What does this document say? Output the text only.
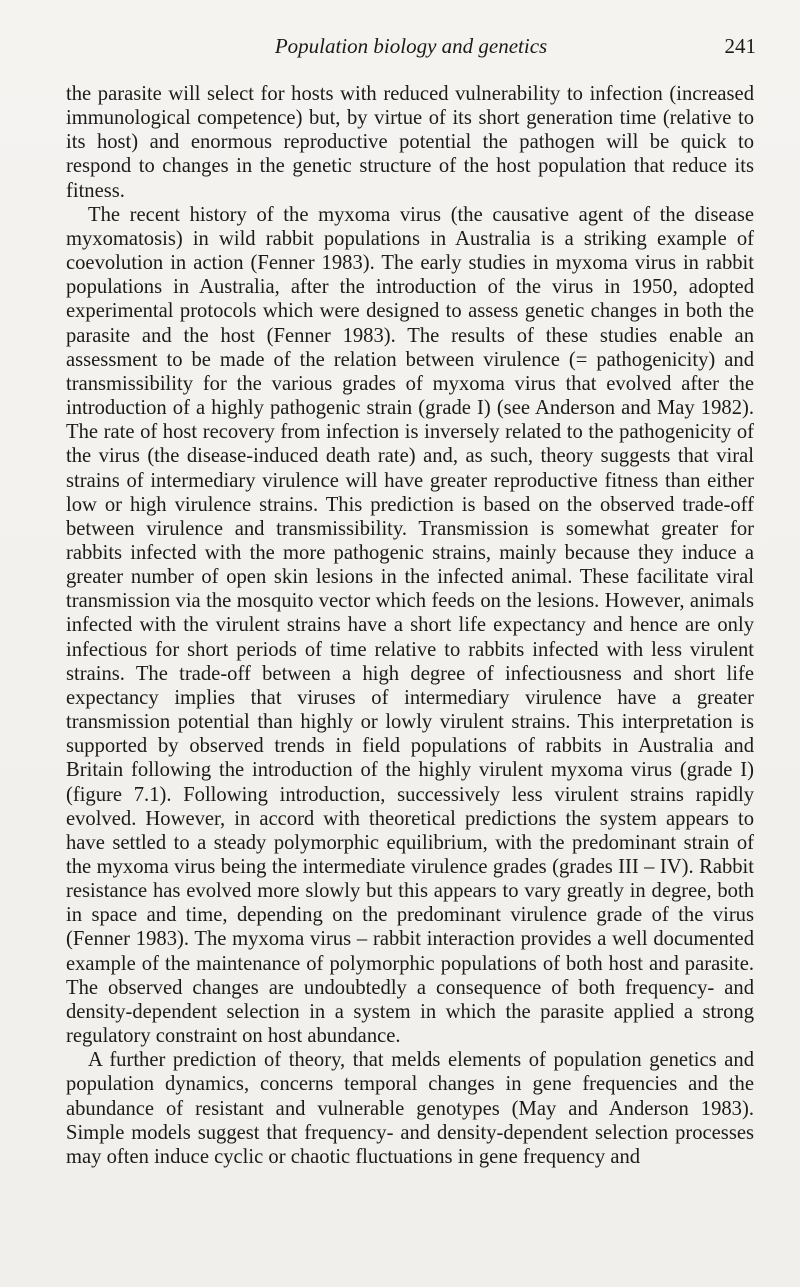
Population biology and genetics	241

the parasite will select for hosts with reduced vulnerability to infection (increased immunological competence) but, by virtue of its short generation time (relative to its host) and enormous reproductive potential the pathogen will be quick to respond to changes in the genetic structure of the host population that reduce its fitness.

The recent history of the myxoma virus (the causative agent of the disease myxomatosis) in wild rabbit populations in Australia is a striking example of coevolution in action (Fenner 1983). The early studies in myxoma virus in rabbit populations in Australia, after the introduction of the virus in 1950, adopted experimental protocols which were designed to assess genetic changes in both the parasite and the host (Fenner 1983). The results of these studies enable an assessment to be made of the relation between virulence (= pathogenicity) and transmissibility for the various grades of myxoma virus that evolved after the introduction of a highly pathogenic strain (grade I) (see Anderson and May 1982). The rate of host recovery from infection is inversely related to the pathogenicity of the virus (the disease-induced death rate) and, as such, theory suggests that viral strains of intermediary virulence will have greater reproductive fitness than either low or high virulence strains. This prediction is based on the observed trade-off between virulence and transmissibility. Transmission is somewhat greater for rabbits infected with the more pathogenic strains, mainly because they induce a greater number of open skin lesions in the infected animal. These facilitate viral transmission via the mosquito vector which feeds on the lesions. However, animals infected with the virulent strains have a short life expectancy and hence are only infectious for short periods of time relative to rabbits infected with less virulent strains. The trade-off between a high degree of infectiousness and short life expectancy implies that viruses of intermediary virulence have a greater transmission potential than highly or lowly virulent strains. This interpretation is supported by observed trends in field populations of rabbits in Australia and Britain following the introduction of the highly virulent myxoma virus (grade I) (figure 7.1). Following introduction, successively less virulent strains rapidly evolved. However, in accord with theoretical predictions the system appears to have settled to a steady polymorphic equilibrium, with the predominant strain of the myxoma virus being the intermediate virulence grades (grades III – IV). Rabbit resistance has evolved more slowly but this appears to vary greatly in degree, both in space and time, depending on the predominant virulence grade of the virus (Fenner 1983). The myxoma virus – rabbit interaction provides a well documented example of the maintenance of polymorphic populations of both host and parasite. The observed changes are undoubtedly a consequence of both frequency- and density-dependent selection in a system in which the parasite applied a strong regulatory constraint on host abundance.

A further prediction of theory, that melds elements of population genetics and population dynamics, concerns temporal changes in gene frequencies and the abundance of resistant and vulnerable genotypes (May and Anderson 1983). Simple models suggest that frequency- and density-dependent selection processes may often induce cyclic or chaotic fluctuations in gene frequency and
